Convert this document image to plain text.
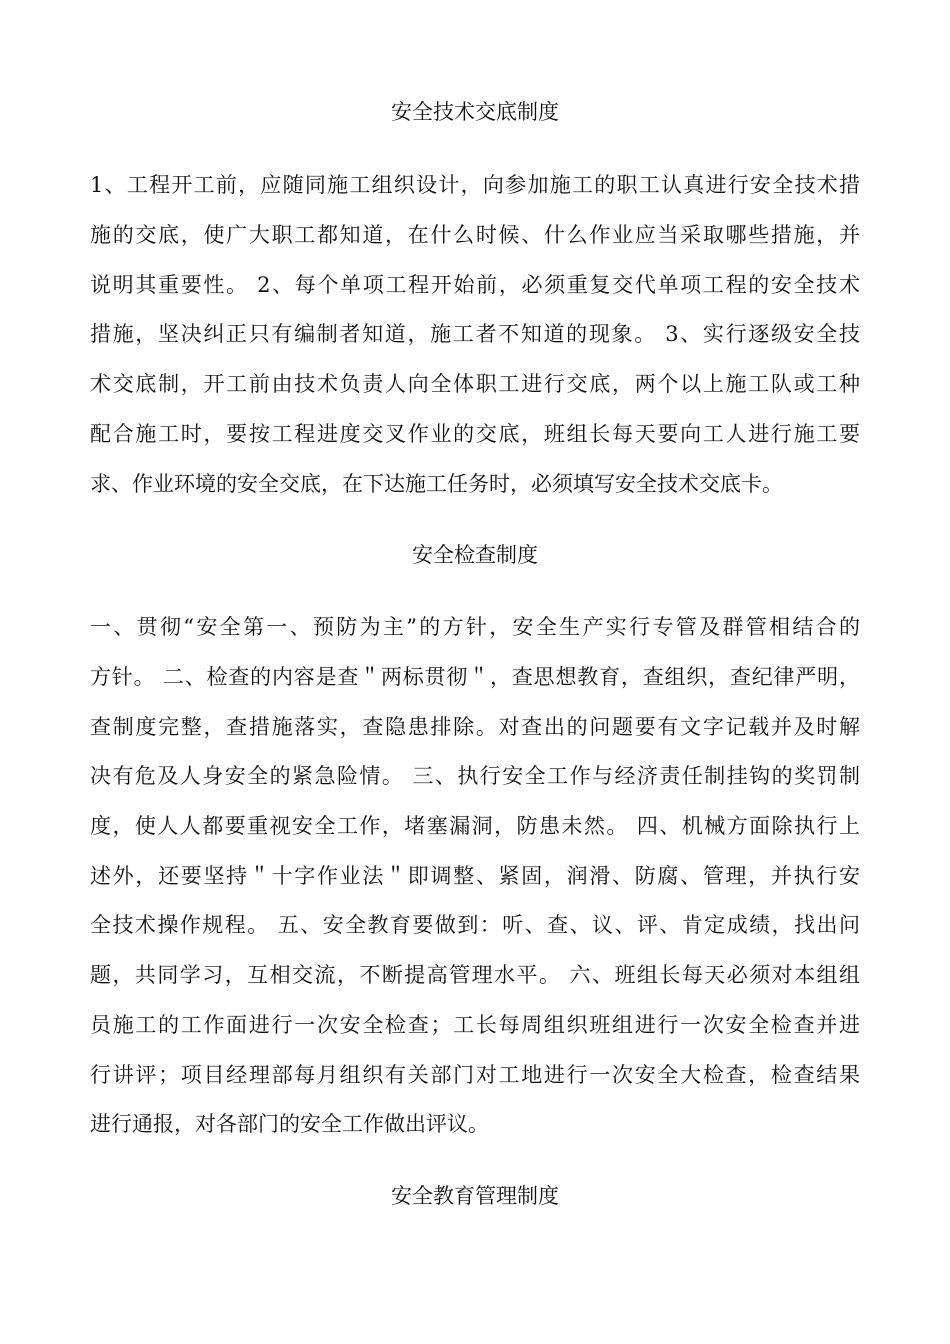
安全技术交底制度

1、工程开工前，应随同施工组织设计，向参加施工的职工认真进行安全技术措

施的交底，使广大职工都知道，在什么时候、什么作业应当采取哪些措施，并

说明其重要性。 2、每个单项工程开始前，必须重复交代单项工程的安全技术

措施，坚决纠正只有编制者知道，施工者不知道的现象。 3、实行逐级安全技

术交底制，开工前由技术负责人向全体职工进行交底，两个以上施工队或工种

配合施工时，要按工程进度交叉作业的交底，班组长每天要向工人进行施工要

求、作业环境的安全交底，在下达施工任务时，必须填写安全技术交底卡。

安全检查制度

一、贯彻“安全第一、预防为主”的方针，安全生产实行专管及群管相结合的

方针。 二、检查的内容是查＂两标贯彻＂，查思想教育，查组织，查纪律严明，

查制度完整，查措施落实，查隐患排除。对查出的问题要有文字记载并及时解

决有危及人身安全的紧急险情。 三、执行安全工作与经济责任制挂钩的奖罚制

度，使人人都要重视安全工作，堵塞漏洞，防患未然。 四、机械方面除执行上

述外，还要坚持＂十字作业法＂即调整、紧固，润滑、防腐、管理，并执行安

全技术操作规程。 五、安全教育要做到：听、查、议、评、肯定成绩，找出问

题，共同学习，互相交流，不断提高管理水平。 六、班组长每天必须对本组组

员施工的工作面进行一次安全检查；工长每周组织班组进行一次安全检查并进

行讲评；项目经理部每月组织有关部门对工地进行一次安全大检查，检查结果

进行通报，对各部门的安全工作做出评议。

安全教育管理制度
